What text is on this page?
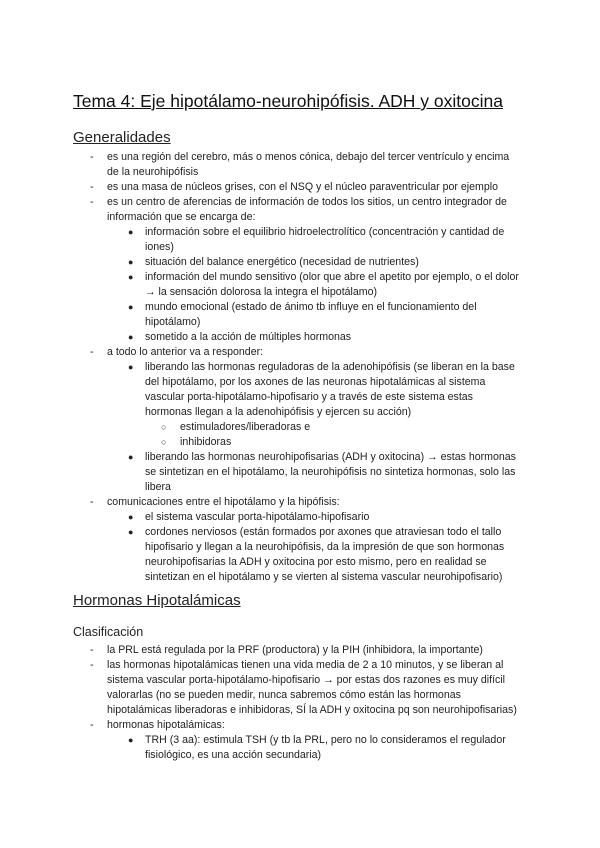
Tema 4: Eje hipotálamo-neurohipófisis. ADH y oxitocina
Generalidades
- es una región del cerebro, más o menos cónica, debajo del tercer ventrículo y encima de la neurohipófisis
- es una masa de núcleos grises, con el NSQ y el núcleo paraventricular por ejemplo
- es un centro de aferencias de información de todos los sitios, un centro integrador de información que se encarga de:
● información sobre el equilibrio hidroelectrolítico (concentración y cantidad de iones)
● situación del balance energético (necesidad de nutrientes)
● información del mundo sensitivo (olor que abre el apetito por ejemplo, o el dolor → la sensación dolorosa la integra el hipotálamo)
● mundo emocional (estado de ánimo tb influye en el funcionamiento del hipotálamo)
● sometido a la acción de múltiples hormonas
- a todo lo anterior va a responder:
● liberando las hormonas reguladoras de la adenohipófisis (se liberan en la base del hipotálamo, por los axones de las neuronas hipotalámicas al sistema vascular porta-hipotálamo-hipofisario y a través de este sistema estas hormonas llegan a la adenohipófisis y ejercen su acción)
○ estimuladores/liberadoras e
○ inhibidoras
● liberando las hormonas neurohipofisarias (ADH y oxitocina) → estas hormonas se sintetizan en el hipotálamo, la neurohipófisis no sintetiza hormonas, solo las libera
- comunicaciones entre el hipotálamo y la hipófisis:
● el sistema vascular porta-hipotálamo-hipofisario
● cordones nerviosos (están formados por axones que atraviesan todo el tallo hipofisario y llegan a la neurohipófisis, da la impresión de que son hormonas neurohipofisarias la ADH y oxitocina por esto mismo, pero en realidad se sintetizan en el hipotálamo y se vierten al sistema vascular neurohipofisario)
Hormonas Hipotalámicas
Clasificación
- la PRL está regulada por la PRF (productora) y la PIH (inhibidora, la importante)
- las hormonas hipotalámicas tienen una vida media de 2 a 10 minutos, y se liberan al sistema vascular porta-hipotálamo-hipofisario → por estas dos razones es muy difícil valorarlas (no se pueden medir, nunca sabremos cómo están las hormonas hipotalámicas liberadoras e inhibidoras, SÍ la ADH y oxitocina pq son neurohipofisarias)
- hormonas hipotalámicas:
● TRH (3 aa): estimula TSH (y tb la PRL, pero no lo consideramos el regulador fisiológico, es una acción secundaria)
